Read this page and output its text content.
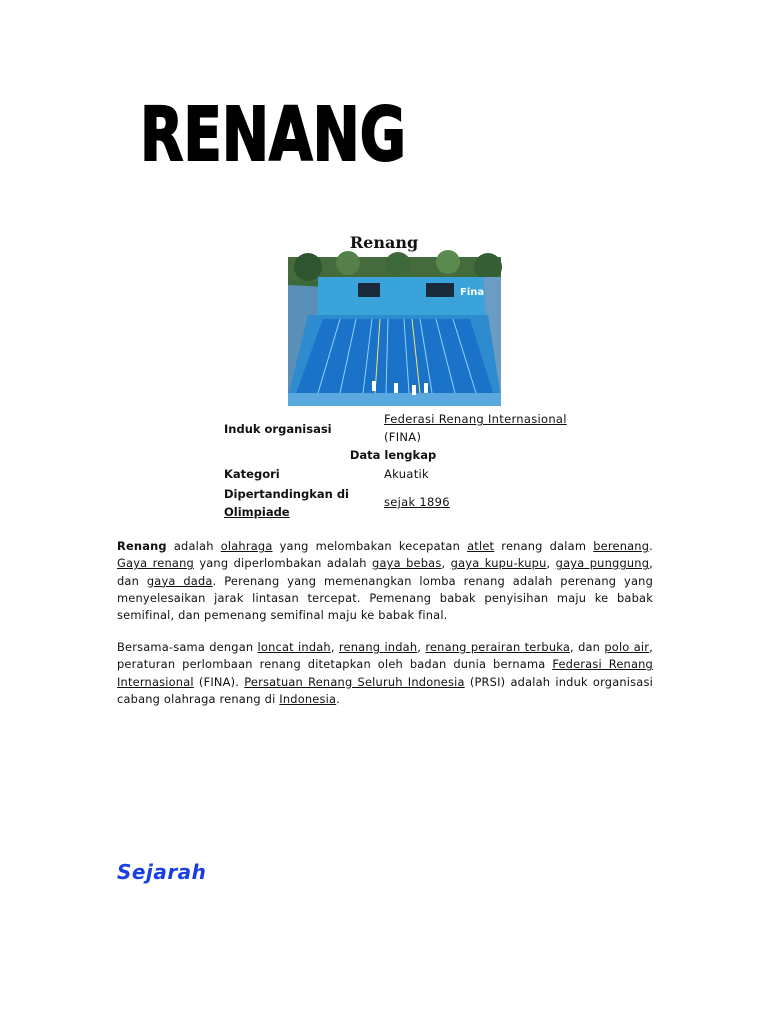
RENANG
Renang
Fina
Induk organisasi
Federasi Renang Internasional
(FINA)
Data lengkap
Kategori	Akuatik
Dipertandingkan di
Olimpiade
sejak 1896
Renang adalah olahraga yang melombakan kecepatan atlet renang dalam berenang. Gaya renang yang diperlombakan adalah gaya bebas, gaya kupu-kupu, gaya punggung, dan gaya dada. Perenang yang memenangkan lomba renang adalah perenang yang menyelesaikan jarak lintasan tercepat. Pemenang babak penyisihan maju ke babak semifinal, dan pemenang semifinal maju ke babak final.
Bersama-sama dengan loncat indah, renang indah, renang perairan terbuka, dan polo air, peraturan perlombaan renang ditetapkan oleh badan dunia bernama Federasi Renang Internasional (FINA). Persatuan Renang Seluruh Indonesia (PRSI) adalah induk organisasi cabang olahraga renang di Indonesia.
Sejarah
